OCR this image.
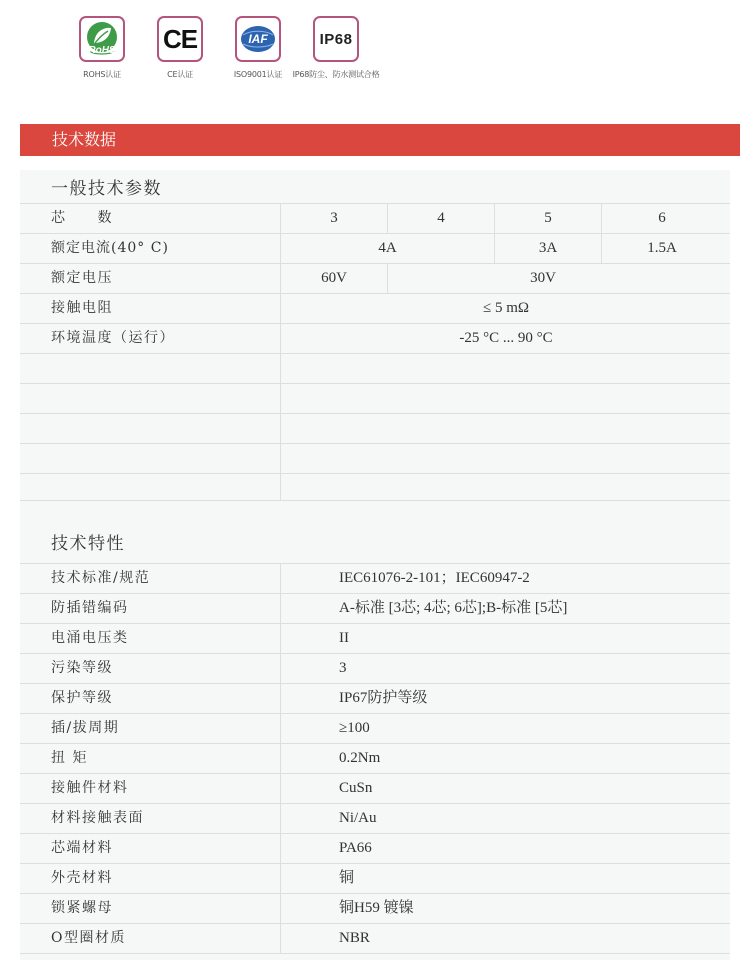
RoHS
ROHS认证
CE
CE认证
IAF
ISO9001认证
IP68
IP68防尘、防水测试合格
技术数据
一般技术参数
芯　　数	3	4	5	6
额定电流(40° C)	4A	3A	1.5A
额定电压	60V	30V
接触电阻	≤ 5 mΩ
环境温度（运行）	-25 °C ... 90 °C
技术特性
技术标准/规范	IEC61076-2-101；IEC60947-2
防插错编码	A-标准 [3芯; 4芯; 6芯];B-标准 [5芯]
电涌电压类	II
污染等级	3
保护等级	IP67防护等级
插/拔周期	≥100
扭 矩	0.2Nm
接触件材料	CuSn
材料接触表面	Ni/Au
芯端材料	PA66
外壳材料	铜
锁紧螺母	铜H59 镀镍
O型圈材质	NBR
